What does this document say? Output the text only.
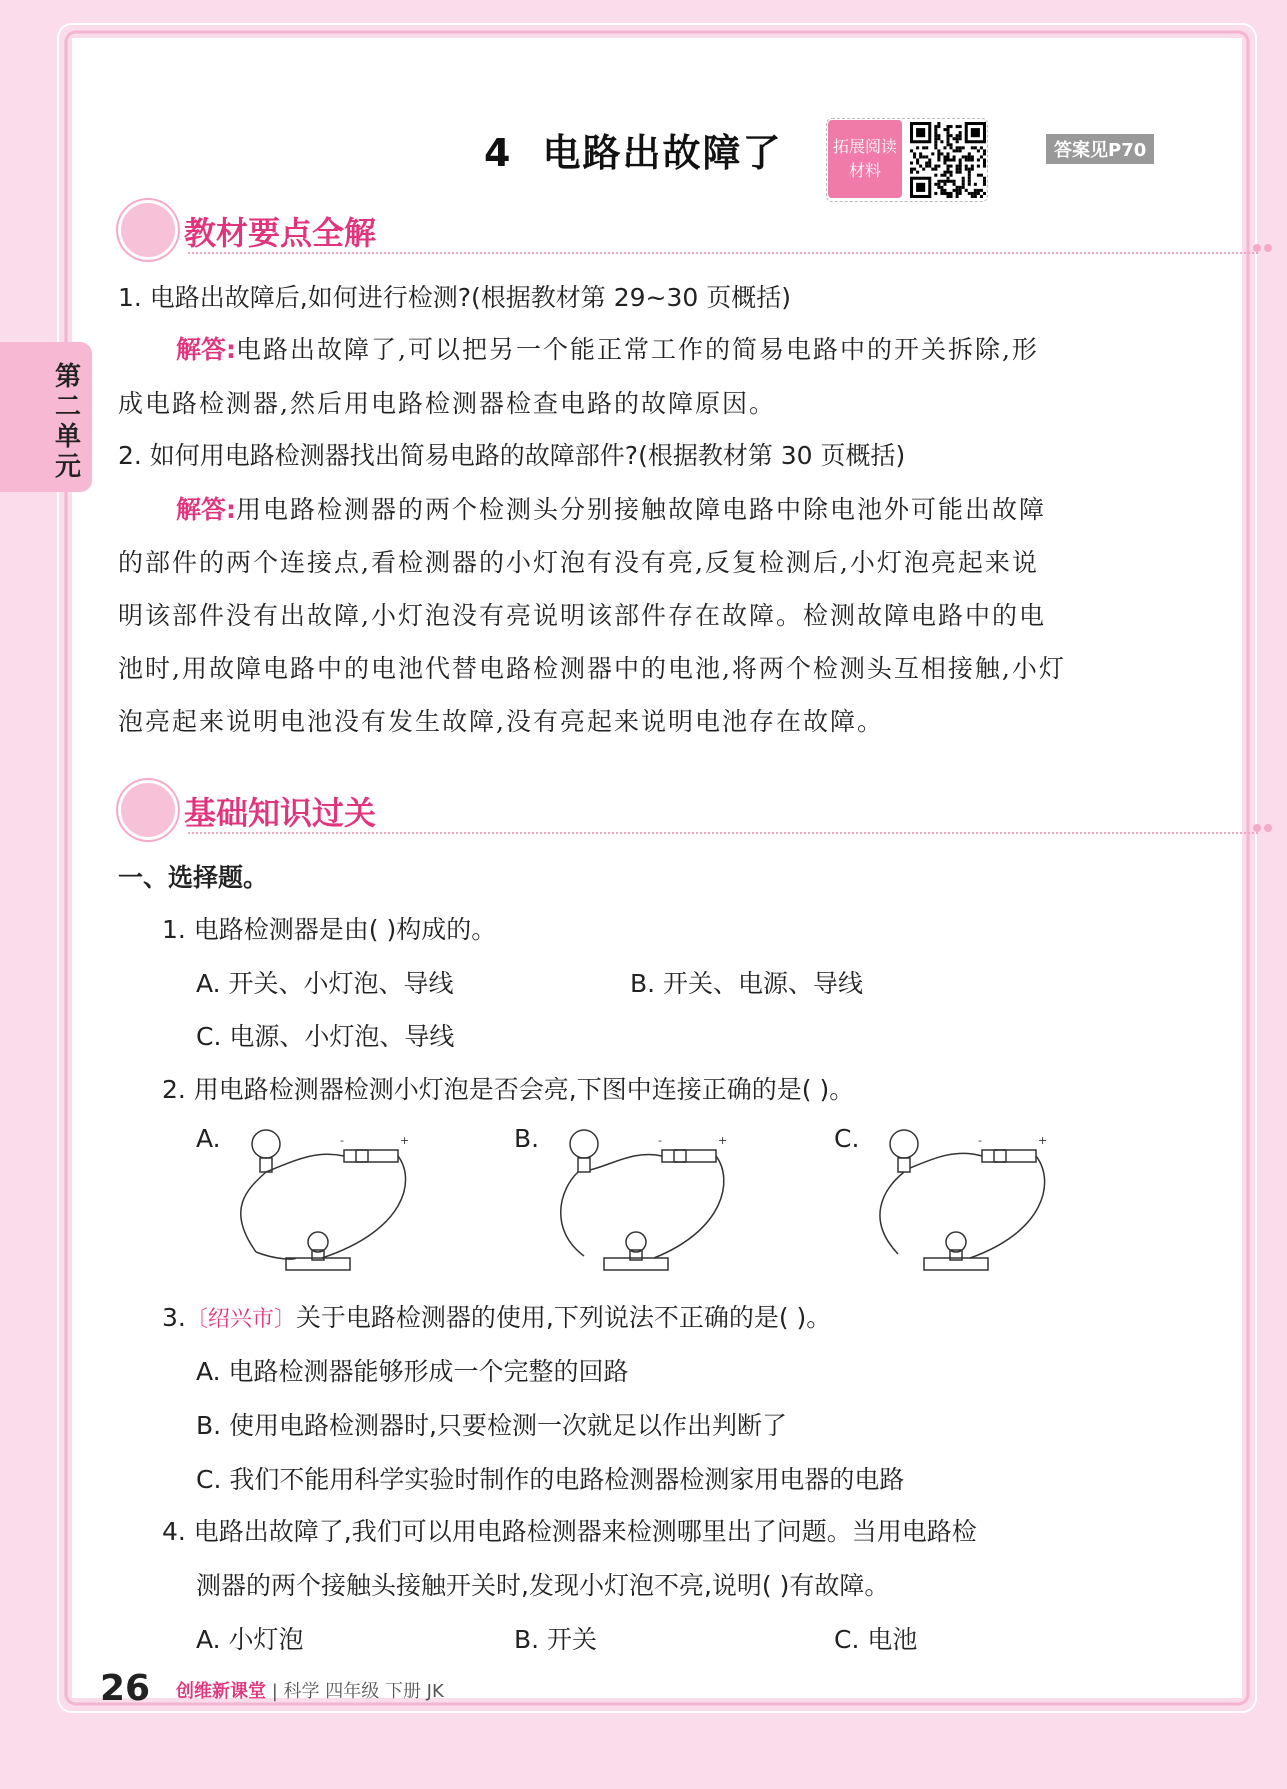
第二单元
4 电路出故障了	拓展阅读
材料
答案见P70
教材要点全解
1. 电路出故障后,如何进行检测?(根据教材第 29~30 页概括)
解答:电路出故障了,可以把另一个能正常工作的简易电路中的开关拆除,形
成电路检测器,然后用电路检测器检查电路的故障原因。
2. 如何用电路检测器找出简易电路的故障部件?(根据教材第 30 页概括)
解答:用电路检测器的两个检测头分别接触故障电路中除电池外可能出故障
的部件的两个连接点,看检测器的小灯泡有没有亮,反复检测后,小灯泡亮起来说
明该部件没有出故障,小灯泡没有亮说明该部件存在故障。检测故障电路中的电
池时,用故障电路中的电池代替电路检测器中的电池,将两个检测头互相接触,小灯
泡亮起来说明电池没有发生故障,没有亮起来说明电池存在故障。
基础知识过关
一、选择题。
1. 电路检测器是由( )构成的。
A. 开关、小灯泡、导线	B. 开关、电源、导线
C. 电源、小灯泡、导线
2. 用电路检测器检测小灯泡是否会亮,下图中连接正确的是( )。
A.	B.	C.
-	+	-	+	-	+
3.〔绍兴市〕关于电路检测器的使用,下列说法不正确的是( )。
A. 电路检测器能够形成一个完整的回路
B. 使用电路检测器时,只要检测一次就足以作出判断了
C. 我们不能用科学实验时制作的电路检测器检测家用电器的电路
4. 电路出故障了,我们可以用电路检测器来检测哪里出了问题。当用电路检
测器的两个接触头接触开关时,发现小灯泡不亮,说明( )有故障。
A. 小灯泡	B. 开关	C. 电池
26 创维新课堂 | 科学 四年级 下册 JK
